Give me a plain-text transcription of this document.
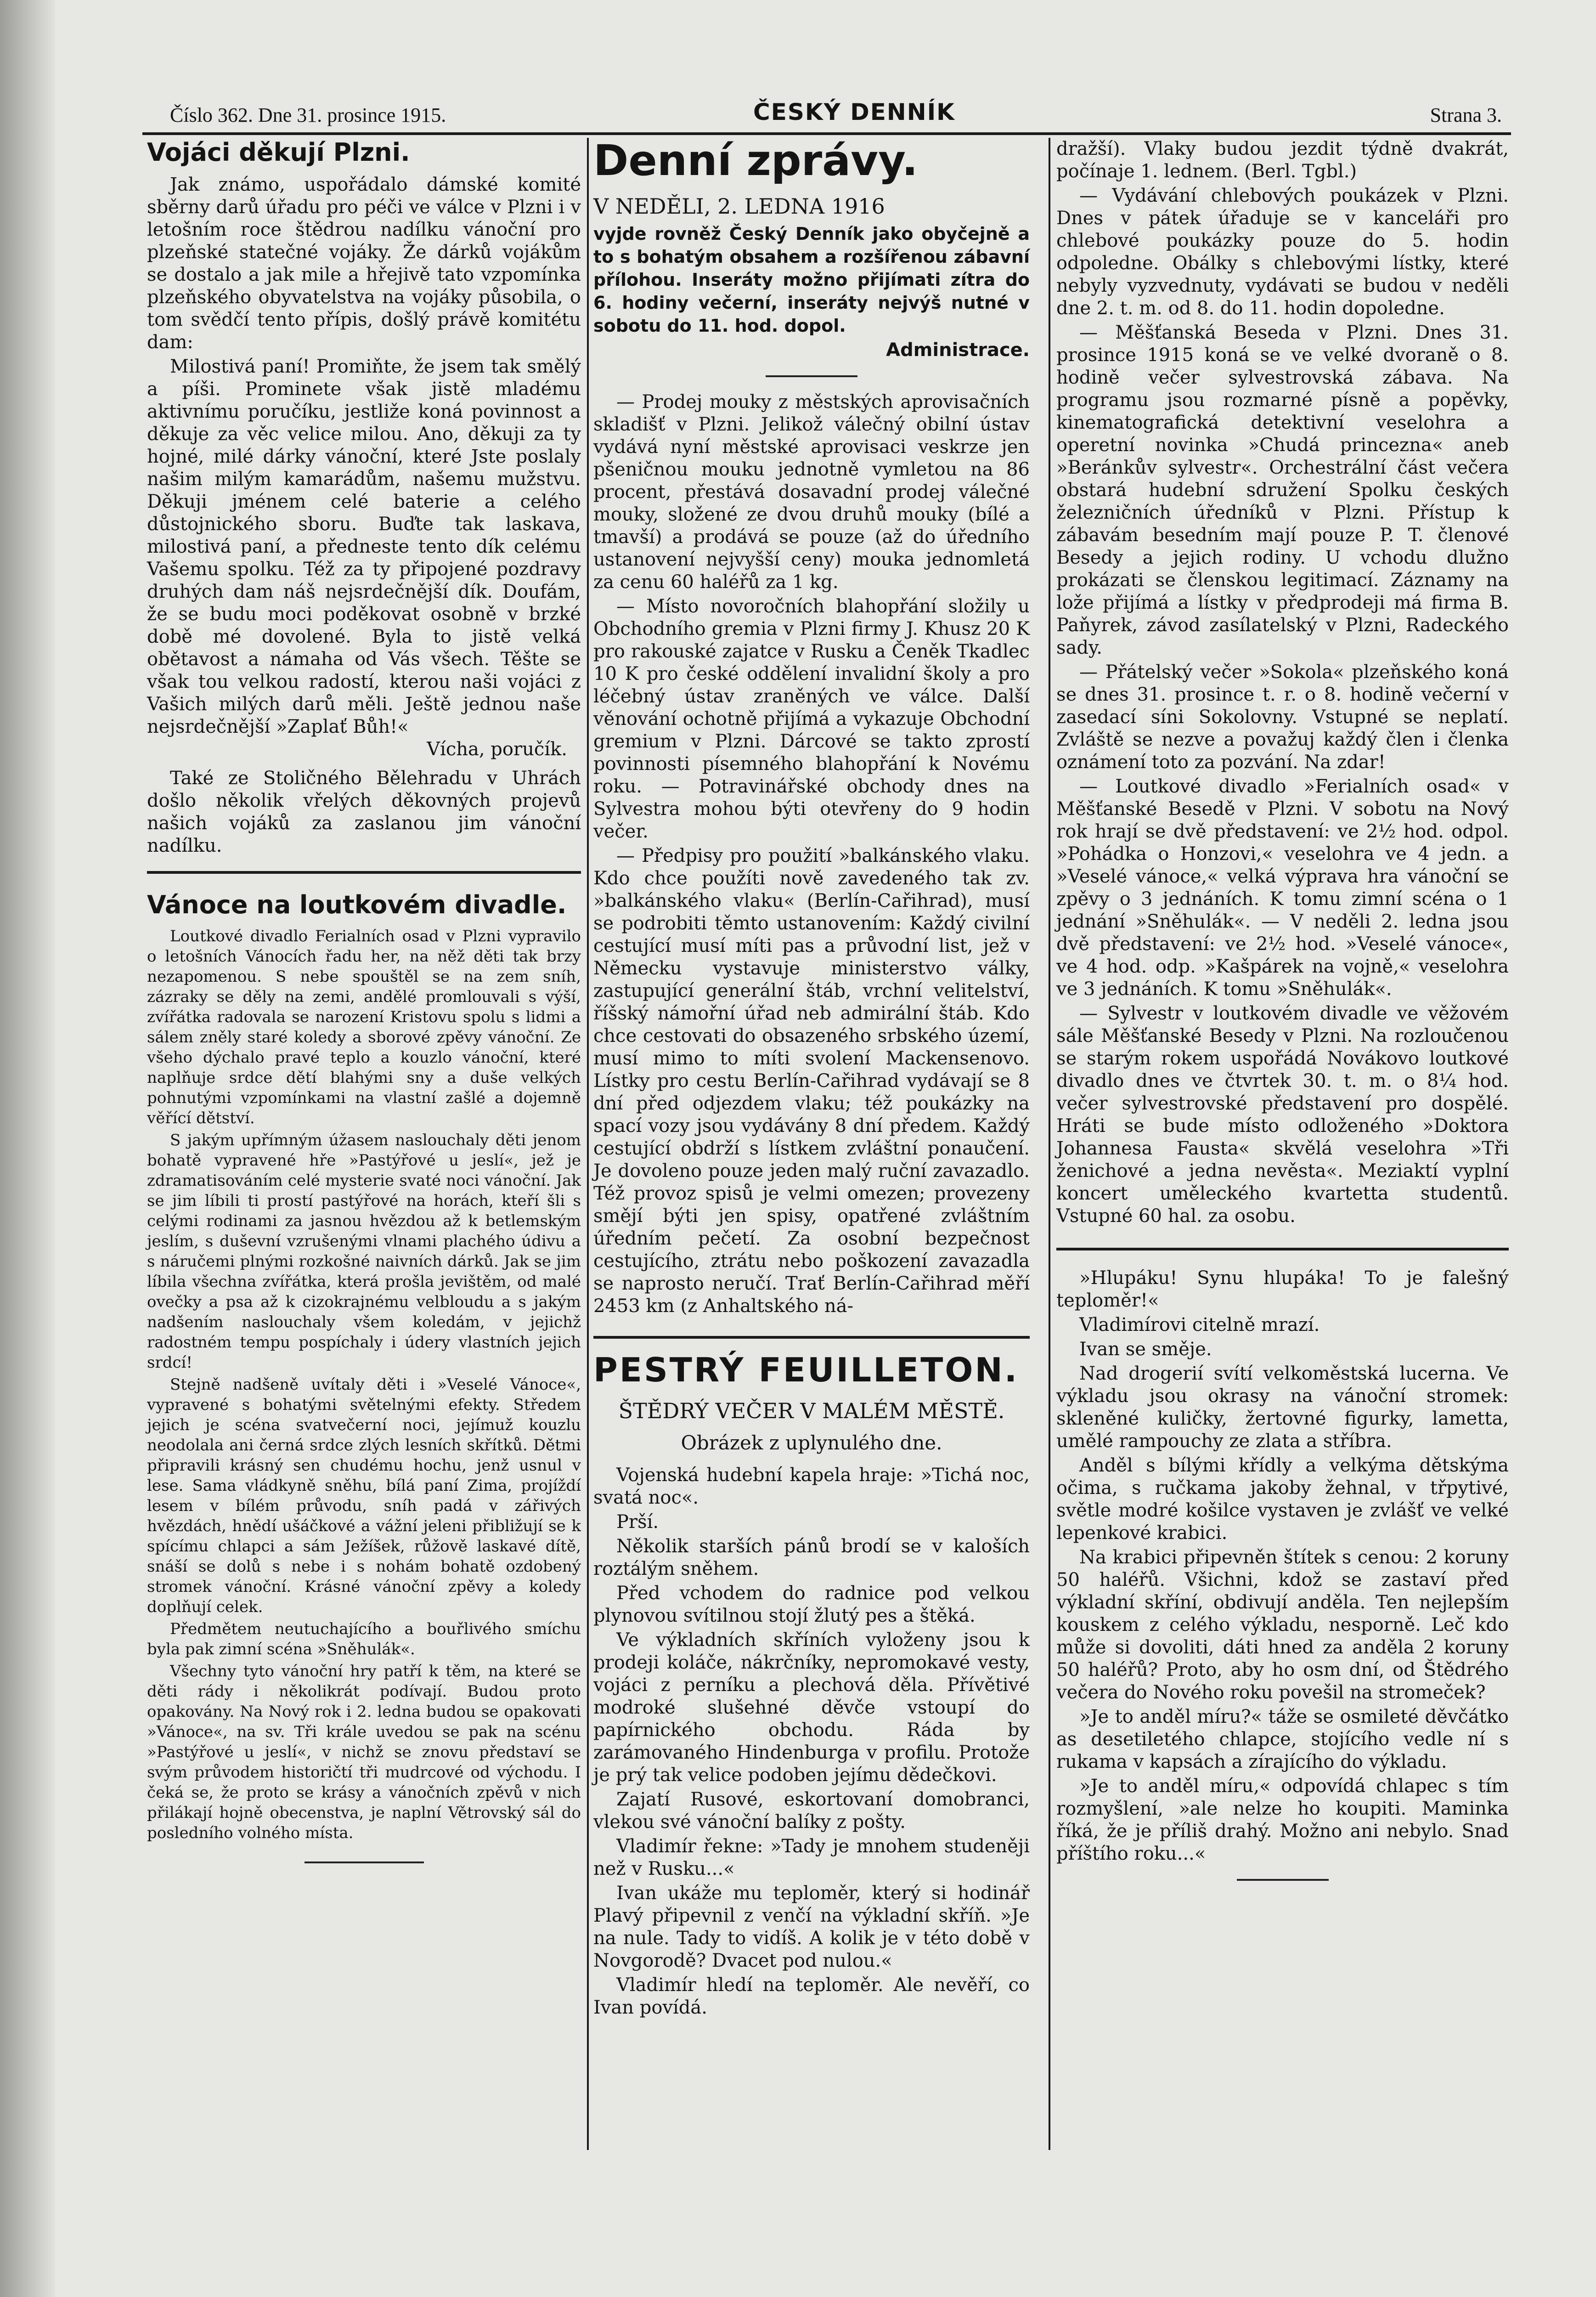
Číslo 362. Dne 31. prosince 1915.	ČESKÝ DENNÍK	Strana 3.
Vojáci děkují Plzni.

Jak známo, uspořádalo dámské komité sběrny darů úřadu pro péči ve válce v Plzni i v letošním roce štědrou nadílku vánoční pro plzeňské statečné vojáky. Že dárků vojákům se dostalo a jak mile a hřejivě tato vzpomínka plzeňského obyvatelstva na vojáky působila, o tom svědčí tento přípis, došlý právě komitétu dam:

Milostivá paní! Promiňte, že jsem tak smělý a píši. Prominete však jistě mladému aktivnímu poručíku, jestliže koná povinnost a děkuje za věc velice milou. Ano, děkuji za ty hojné, milé dárky vánoční, které Jste poslaly našim milým kamarádům, našemu mužstvu. Děkuji jménem celé baterie a celého důstojnického sboru. Buďte tak laskava, milostivá paní, a předneste tento dík celému Vašemu spolku. Též za ty připojené pozdravy druhých dam náš nejsrdečnější dík. Doufám, že se budu moci poděkovat osobně v brzké době mé dovolené. Byla to jistě velká obětavost a námaha od Vás všech. Těšte se však tou velkou radostí, kterou naši vojáci z Vašich milých darů měli. Ještě jednou naše nejsrdečnější »Zaplať Bůh!«

Vícha, poručík.

Také ze Stoličného Bělehradu v Uhrách došlo několik vřelých děkovných projevů našich vojáků za zaslanou jim vánoční nadílku.

Vánoce na loutkovém divadle.

Loutkové divadlo Ferialních osad v Plzni vypravilo o letošních Vánocích řadu her, na něž děti tak brzy nezapomenou. S nebe spouštěl se na zem sníh, zázraky se děly na zemi, andělé promlouvali s výší, zvířátka radovala se narození Kristovu spolu s lidmi a sálem zněly staré koledy a sborové zpěvy vánoční. Ze všeho dýchalo pravé teplo a kouzlo vánoční, které naplňuje srdce dětí blahými sny a duše velkých pohnutými vzpomínkami na vlastní zašlé a dojemně věřící dětství.

S jakým upřímným úžasem naslouchaly děti jenom bohatě vypravené hře »Pastýřové u jeslí«, jež je zdramatisováním celé mysterie svaté noci vánoční. Jak se jim líbili ti prostí pastýřové na horách, kteří šli s celými rodinami za jasnou hvězdou až k betlemským jeslím, s duševní vzrušenými vlnami plachého údivu a s náručemi plnými rozkošné naivních dárků. Jak se jim líbila všechna zvířátka, která prošla jevištěm, od malé ovečky a psa až k cizokrajnému velbloudu a s jakým nadšením naslouchaly všem koledám, v jejichž radostném tempu pospíchaly i údery vlastních jejich srdcí!

Stejně nadšeně uvítaly děti i »Veselé Vánoce«, vypravené s bohatými světelnými efekty. Středem jejich je scéna svatvečerní noci, jejímuž kouzlu neodolala ani černá srdce zlých lesních skřítků. Dětmi připravili krásný sen chudému hochu, jenž usnul v lese. Sama vládkyně sněhu, bílá paní Zima, projíždí lesem v bílém průvodu, sníh padá v zářivých hvězdách, hnědí ušáčkové a vážní jeleni přibližují se k spícímu chlapci a sám Ježíšek, růžově laskavé dítě, snáší se dolů s nebe i s nohám bohatě ozdobený stromek vánoční. Krásné vánoční zpěvy a koledy doplňují celek.

Předmětem neutuchajícího a bouřlivého smíchu byla pak zimní scéna »Sněhulák«.

Všechny tyto vánoční hry patří k těm, na které se děti rády i několikrát podívají. Budou proto opakovány. Na Nový rok i 2. ledna budou se opakovati »Vánoce«, na sv. Tři krále uvedou se pak na scénu »Pastýřové u jeslí«, v nichž se znovu představí se svým průvodem historičtí tři mudrcové od východu. I čeká se, že proto se krásy a vánočních zpěvů v nich přilákají hojně obecenstva, je naplní Větrovský sál do posledního volného místa.

Denní zprávy.
V NEDĚLI, 2. LEDNA 1916
vyjde rovněž Český Denník jako obyčejně a to s bohatým obsahem a rozšířenou zábavní přílohou. Inseráty možno přijímati zítra do 6. hodiny večerní, inseráty nejvýš nutné v sobotu do 11. hod. dopol.
Administrace.

— Prodej mouky z městských aprovisačních skladišť v Plzni. Jelikož válečný obilní ústav vydává nyní městské aprovisaci veskrze jen pšeničnou mouku jednotně vymletou na 86 procent, přestává dosavadní prodej válečné mouky, složené ze dvou druhů mouky (bílé a tmavší) a prodává se pouze (až do úředního ustanovení nejvyšší ceny) mouka jednomletá za cenu 60 haléřů za 1 kg.

— Místo novoročních blahopřání složily u Obchodního gremia v Plzni firmy J. Khusz 20 K pro rakouské zajatce v Rusku a Čeněk Tkadlec 10 K pro české oddělení invalidní školy a pro léčebný ústav zraněných ve válce. Další věnování ochotně přijímá a vykazuje Obchodní gremium v Plzni. Dárcové se takto zprostí povinnosti písemného blahopřání k Novému roku. — Potravinářské obchody dnes na Sylvestra mohou býti otevřeny do 9 hodin večer.

— Předpisy pro použití »balkánského vlaku. Kdo chce použíti nově zavedeného tak zv. »balkánského vlaku« (Berlín-Cařihrad), musí se podrobiti těmto ustanovením: Každý civilní cestující musí míti pas a průvodní list, jež v Německu vystavuje ministerstvo války, zastupující generální štáb, vrchní velitelství, říšský námořní úřad neb admirální štáb. Kdo chce cestovati do obsazeného srbského území, musí mimo to míti svolení Mackensenovo. Lístky pro cestu Berlín-Cařihrad vydávají se 8 dní před odjezdem vlaku; též poukázky na spací vozy jsou vydávány 8 dní předem. Každý cestující obdrží s lístkem zvláštní ponaučení. Je dovoleno pouze jeden malý ruční zavazadlo. Též provoz spisů je velmi omezen; provezeny smějí býti jen spisy, opatřené zvláštním úředním pečetí. Za osobní bezpečnost cestujícího, ztrátu nebo poškození zavazadla se naprosto neručí. Trať Berlín-Cařihrad měří 2453 km (z Anhaltského ná-

PESTRÝ FEUILLETON.
ŠTĚDRÝ VEČER V MALÉM MĚSTĚ.
Obrázek z uplynulého dne.

Vojenská hudební kapela hraje: »Tichá noc, svatá noc«.

Prší.

Několik starších pánů brodí se v kaloších roztálým sněhem.

Před vchodem do radnice pod velkou plynovou svítilnou stojí žlutý pes a štěká.

Ve výkladních skříních vyloženy jsou k prodeji koláče, nákrčníky, nepromokavé vesty, vojáci z perníku a plechová děla. Přívětivé modroké slušehné děvče vstoupí do papírnického obchodu. Ráda by zarámovaného Hindenburga v profilu. Protože je prý tak velice podoben jejímu dědečkovi.

Zajatí Rusové, eskortovaní domobranci, vlekou své vánoční balíky z pošty.

Vladimír řekne: »Tady je mnohem studeněji než v Rusku...«

Ivan ukáže mu teploměr, který si hodinář Plavý připevnil z venčí na výkladní skříň. »Je na nule. Tady to vidíš. A kolik je v této době v Novgorodě? Dvacet pod nulou.«

Vladimír hledí na teploměr. Ale nevěří, co Ivan povídá.

dražší). Vlaky budou jezdit týdně dvakrát, počínaje 1. lednem. (Berl. Tgbl.)

— Vydávání chlebových poukázek v Plzni. Dnes v pátek úřaduje se v kanceláři pro chlebové poukázky pouze do 5. hodin odpoledne. Obálky s chlebovými lístky, které nebyly vyzvednuty, vydávati se budou v neděli dne 2. t. m. od 8. do 11. hodin dopoledne.

— Měšťanská Beseda v Plzni. Dnes 31. prosince 1915 koná se ve velké dvoraně o 8. hodině večer sylvestrovská zábava. Na programu jsou rozmarné písně a popěvky, kinematografická detektivní veselohra a operetní novinka »Chudá princezna« aneb »Beránkův sylvestr«. Orchestrální část večera obstará hudební sdružení Spolku českých železničních úředníků v Plzni. Přístup k zábavám besedním mají pouze P. T. členové Besedy a jejich rodiny. U vchodu dlužno prokázati se členskou legitimací. Záznamy na lože přijímá a lístky v předprodeji má firma B. Paňyrek, závod zasílatelský v Plzni, Radeckého sady.

— Přátelský večer »Sokola« plzeňského koná se dnes 31. prosince t. r. o 8. hodině večerní v zasedací síni Sokolovny. Vstupné se neplatí. Zvláště se nezve a považuj každý člen i členka oznámení toto za pozvání. Na zdar!

— Loutkové divadlo »Ferialních osad« v Měšťanské Besedě v Plzni. V sobotu na Nový rok hrají se dvě představení: ve 2½ hod. odpol. »Pohádka o Honzovi,« veselohra ve 4 jedn. a »Veselé vánoce,« velká výprava hra vánoční se zpěvy o 3 jednáních. K tomu zimní scéna o 1 jednání »Sněhulák«. — V neděli 2. ledna jsou dvě představení: ve 2½ hod. »Veselé vánoce«, ve 4 hod. odp. »Kašpárek na vojně,« veselohra ve 3 jednáních. K tomu »Sněhulák«.

— Sylvestr v loutkovém divadle ve věžovém sále Měšťanské Besedy v Plzni. Na rozloučenou se starým rokem uspořádá Novákovo loutkové divadlo dnes ve čtvrtek 30. t. m. o 8¼ hod. večer sylvestrovské představení pro dospělé. Hráti se bude místo odloženého »Doktora Johannesa Fausta« skvělá veselohra »Tři ženichové a jedna nevěsta«. Meziaktí vyplní koncert uměleckého kvartetta studentů. Vstupné 60 hal. za osobu.

»Hlupáku! Synu hlupáka! To je falešný teploměr!«

Vladimírovi citelně mrazí.

Ivan se směje.

Nad drogerií svítí velkoměstská lucerna. Ve výkladu jsou okrasy na vánoční stromek: skleněné kuličky, žertovné figurky, lametta, umělé rampouchy ze zlata a stříbra.

Anděl s bílými křídly a velkýma dětskýma očima, s ručkama jakoby žehnal, v třpytivé, světle modré košilce vystaven je zvlášť ve velké lepenkové krabici.

Na krabici připevněn štítek s cenou: 2 koruny 50 haléřů. Všichni, kdož se zastaví před výkladní skříní, obdivují anděla. Ten nejlepším kouskem z celého výkladu, nesporně. Leč kdo může si dovoliti, dáti hned za anděla 2 koruny 50 haléřů? Proto, aby ho osm dní, od Štědrého večera do Nového roku povešil na stromeček?

»Je to anděl míru?« táže se osmileté děvčátko as desetiletého chlapce, stojícího vedle ní s rukama v kapsách a zírajícího do výkladu.

»Je to anděl míru,« odpovídá chlapec s tím rozmyšlení, »ale nelze ho koupiti. Maminka říká, že je příliš drahý. Možno ani nebylo. Snad příštího roku...«
